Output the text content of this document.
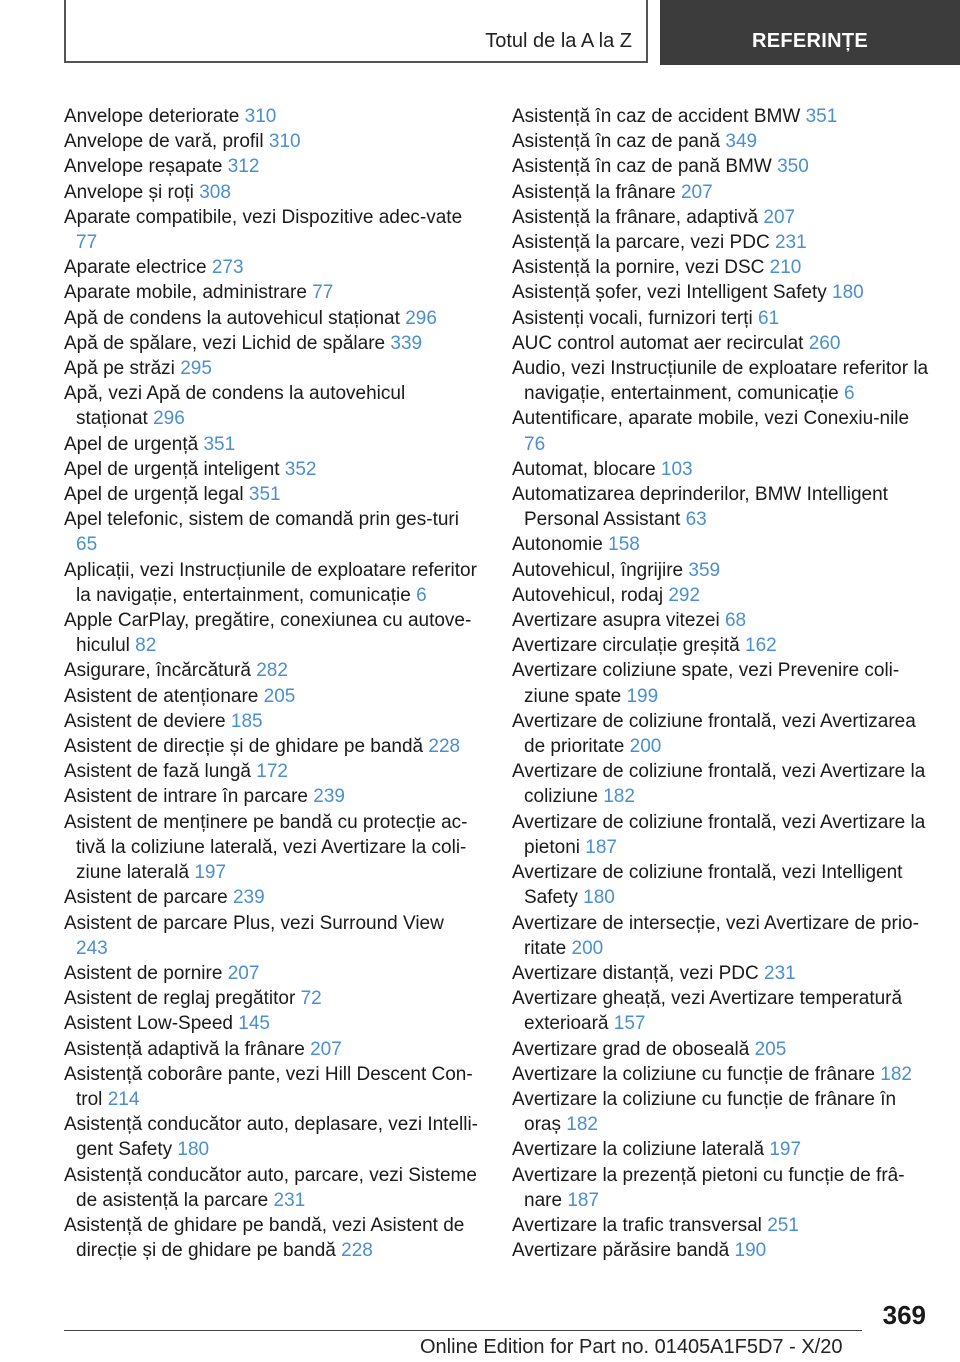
Totul de la A la Z	REFERINȚE
Anvelope deteriorate 310
Anvelope de vară, profil 310
Anvelope reșapate 312
Anvelope și roți 308
Aparate compatibile, vezi Dispozitive adec-vate 77
Aparate electrice 273
Aparate mobile, administrare 77
Apă de condens la autovehicul staționat 296
Apă de spălare, vezi Lichid de spălare 339
Apă pe străzi 295
Apă, vezi Apă de condens la autovehicul staționat 296
Apel de urgență 351
Apel de urgență inteligent 352
Apel de urgență legal 351
Apel telefonic, sistem de comandă prin ges-turi 65
Aplicații, vezi Instrucțiunile de exploatare referitor la navigație, entertainment, comunicație 6
Apple CarPlay, pregătire, conexiunea cu autove-hiculul 82
Asigurare, încărcătură 282
Asistent de atenționare 205
Asistent de deviere 185
Asistent de direcție și de ghidare pe bandă 228
Asistent de fază lungă 172
Asistent de intrare în parcare 239
Asistent de menținere pe bandă cu protecție ac-tivă la coliziune laterală, vezi Avertizare la coli-ziune laterală 197
Asistent de parcare 239
Asistent de parcare Plus, vezi Surround View 243
Asistent de pornire 207
Asistent de reglaj pregătitor 72
Asistent Low-Speed 145
Asistență adaptivă la frânare 207
Asistență coborâre pante, vezi Hill Descent Con-trol 214
Asistență conducător auto, deplasare, vezi Intelli-gent Safety 180
Asistență conducător auto, parcare, vezi Sisteme de asistență la parcare 231
Asistență de ghidare pe bandă, vezi Asistent de direcție și de ghidare pe bandă 228
Asistență în caz de accident BMW 351
Asistență în caz de pană 349
Asistență în caz de pană BMW 350
Asistență la frânare 207
Asistență la frânare, adaptivă 207
Asistență la parcare, vezi PDC 231
Asistență la pornire, vezi DSC 210
Asistență șofer, vezi Intelligent Safety 180
Asistenți vocali, furnizori terți 61
AUC control automat aer recirculat 260
Audio, vezi Instrucțiunile de exploatare referitor la navigație, entertainment, comunicație 6
Autentificare, aparate mobile, vezi Conexiu-nile 76
Automat, blocare 103
Automatizarea deprinderilor, BMW Intelligent Personal Assistant 63
Autonomie 158
Autovehicul, îngrijire 359
Autovehicul, rodaj 292
Avertizare asupra vitezei 68
Avertizare circulație greșită 162
Avertizare coliziune spate, vezi Prevenire coli-ziune spate 199
Avertizare de coliziune frontală, vezi Avertizarea de prioritate 200
Avertizare de coliziune frontală, vezi Avertizare la coliziune 182
Avertizare de coliziune frontală, vezi Avertizare la pietoni 187
Avertizare de coliziune frontală, vezi Intelligent Safety 180
Avertizare de intersecție, vezi Avertizare de prio-ritate 200
Avertizare distanță, vezi PDC 231
Avertizare gheață, vezi Avertizare temperatură exterioară 157
Avertizare grad de oboseală 205
Avertizare la coliziune cu funcție de frânare 182
Avertizare la coliziune cu funcție de frânare în oraș 182
Avertizare la coliziune laterală 197
Avertizare la prezență pietoni cu funcție de frâ-nare 187
Avertizare la trafic transversal 251
Avertizare părăsire bandă 190
369
Online Edition for Part no. 01405A1F5D7 - X/20
